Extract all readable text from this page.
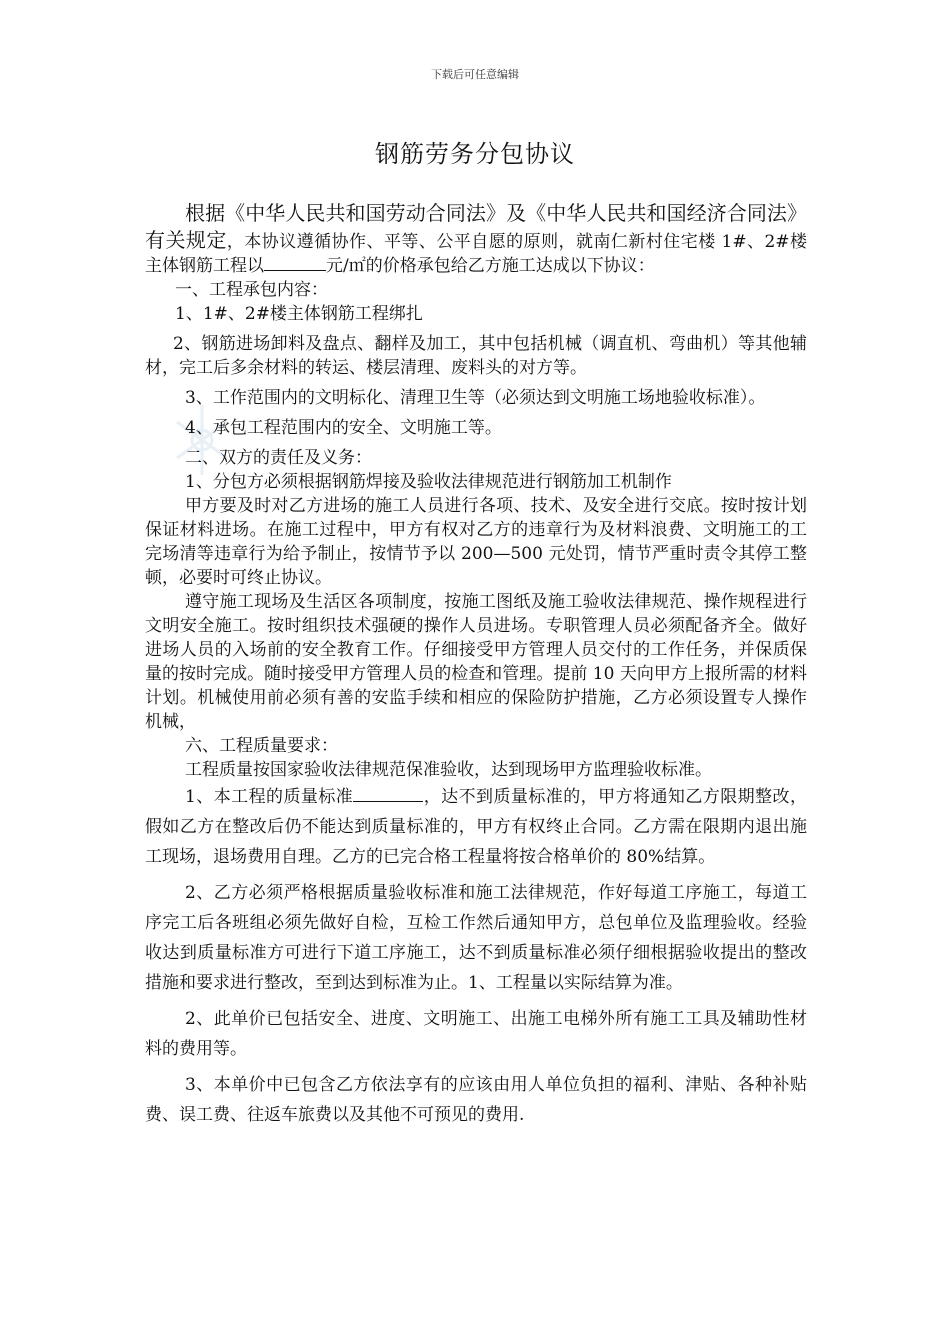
下载后可任意编辑
钢筋劳务分包协议

根据《中华人民共和国劳动合同法》及《中华人民共和国经济合同法》有关规定，本协议遵循协作、平等、公平自愿的原则，就南仁新村住宅楼 1#、2#楼主体钢筋工程以	元/㎡的价格承包给乙方施工达成以下协议：

一、工程承包内容：

1、1#、2#楼主体钢筋工程绑扎

2、钢筋进场卸料及盘点、翻样及加工，其中包括机械（调直机、弯曲机）等其他辅材，完工后多余材料的转运、楼层清理、废料头的对方等。

3、工作范围内的文明标化、清理卫生等（必须达到文明施工场地验收标准）。

4、承包工程范围内的安全、文明施工等。

二、双方的责任及义务：

1、分包方必须根据钢筋焊接及验收法律规范进行钢筋加工机制作

甲方要及时对乙方进场的施工人员进行各项、技术、及安全进行交底。按时按计划保证材料进场。在施工过程中，甲方有权对乙方的违章行为及材料浪费、文明施工的工完场清等违章行为给予制止，按情节予以 200—500 元处罚，情节严重时责令其停工整顿，必要时可终止协议。

遵守施工现场及生活区各项制度，按施工图纸及施工验收法律规范、操作规程进行文明安全施工。按时组织技术强硬的操作人员进场。专职管理人员必须配备齐全。做好进场人员的入场前的安全教育工作。仔细接受甲方管理人员交付的工作任务，并保质保量的按时完成。随时接受甲方管理人员的检查和管理。提前 10 天向甲方上报所需的材料计划。机械使用前必须有善的安监手续和相应的保险防护措施，乙方必须设置专人操作机械，

六、工程质量要求：

工程质量按国家验收法律规范保准验收，达到现场甲方监理验收标准。

1、本工程的质量标准	，达不到质量标准的，甲方将通知乙方限期整改，假如乙方在整改后仍不能达到质量标准的，甲方有权终止合同。乙方需在限期内退出施工现场，退场费用自理。乙方的已完合格工程量将按合格单价的 80%结算。

2、乙方必须严格根据质量验收标准和施工法律规范，作好每道工序施工，每道工序完工后各班组必须先做好自检，互检工作然后通知甲方，总包单位及监理验收。经验收达到质量标准方可进行下道工序施工，达不到质量标准必须仔细根据验收提出的整改措施和要求进行整改，至到达到标准为止。1、工程量以实际结算为准。

2、此单价已包括安全、进度、文明施工、出施工电梯外所有施工工具及辅助性材料的费用等。

3、本单价中已包含乙方依法享有的应该由用人单位负担的福利、津贴、各种补贴费、误工费、往返车旅费以及其他不可预见的费用.
